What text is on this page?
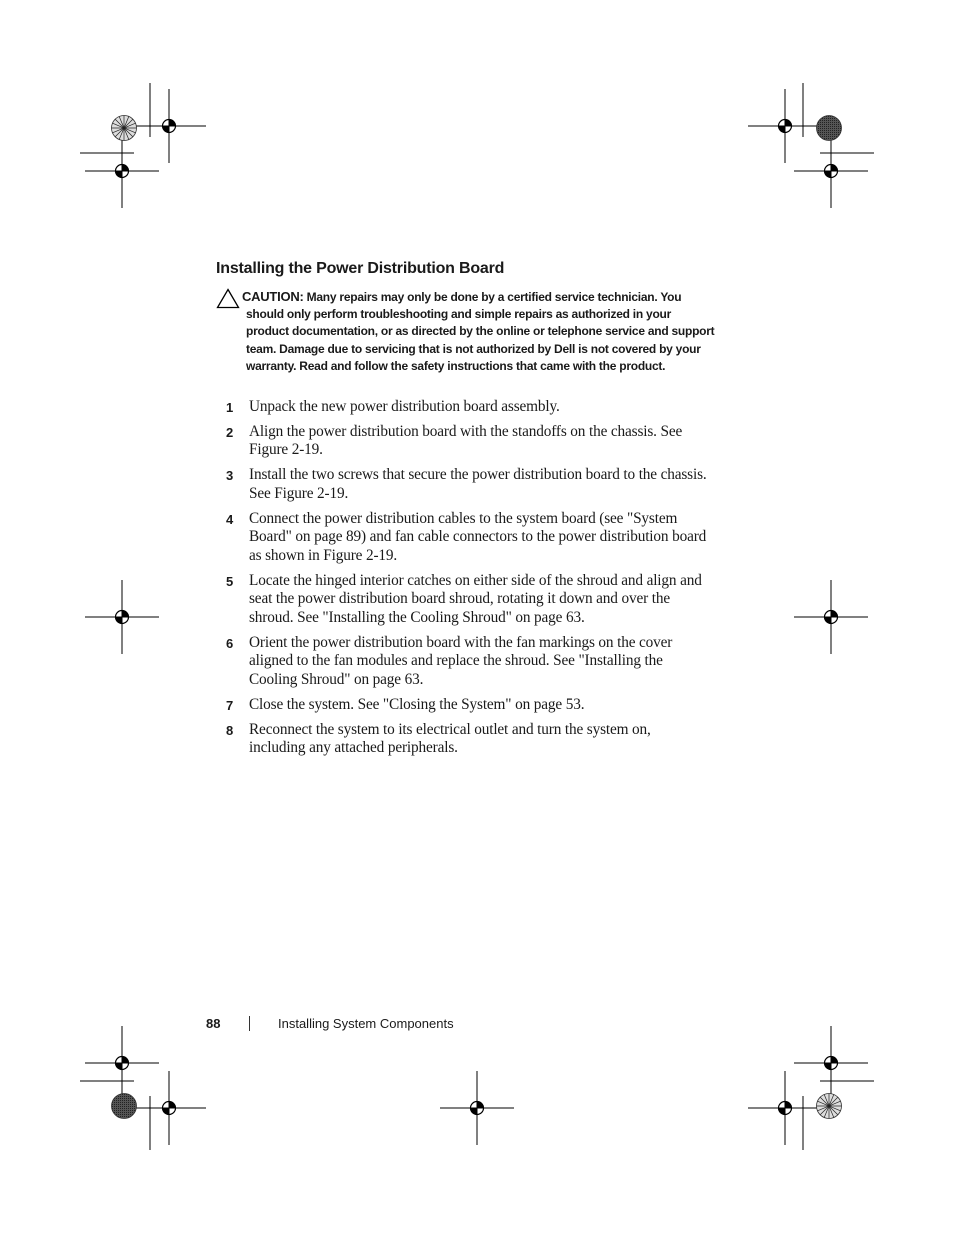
Installing the Power Distribution Board

CAUTION: Many repairs may only be done by a certified service technician. You should only perform troubleshooting and simple repairs as authorized in your product documentation, or as directed by the online or telephone service and support team. Damage due to servicing that is not authorized by Dell is not covered by your warranty. Read and follow the safety instructions that came with the product.

1	Unpack the new power distribution board assembly.
2	Align the power distribution board with the standoffs on the chassis. See Figure 2-19.
3	Install the two screws that secure the power distribution board to the chassis. See Figure 2-19.
4	Connect the power distribution cables to the system board (see "System Board" on page 89) and fan cable connectors to the power distribution board as shown in Figure 2-19.
5	Locate the hinged interior catches on either side of the shroud and align and seat the power distribution board shroud, rotating it down and over the shroud. See "Installing the Cooling Shroud" on page 63.
6	Orient the power distribution board with the fan markings on the cover aligned to the fan modules and replace the shroud. See "Installing the Cooling Shroud" on page 63.
7	Close the system. See "Closing the System" on page 53.
8	Reconnect the system to its electrical outlet and turn the system on, including any attached peripherals.
88	Installing System Components
